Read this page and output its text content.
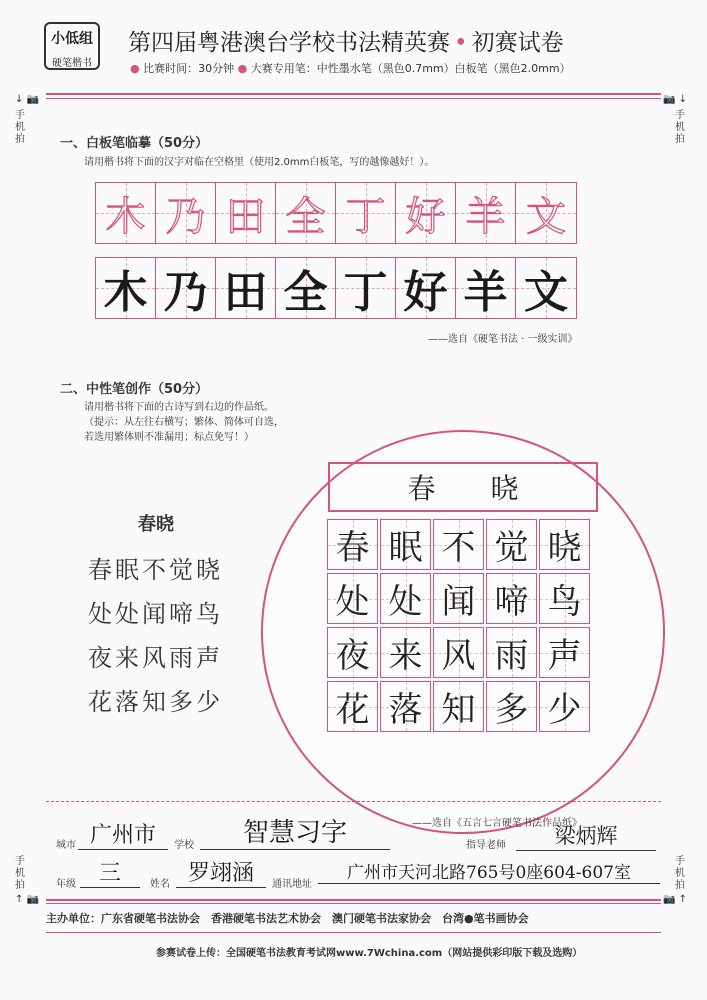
小低组
硬笔楷书
第四届粤港澳台学校书法精英赛 • 初赛试卷
● 比赛时间：30分钟 ● 大赛专用笔：中性墨水笔（黑色0.7mm）白板笔（黑色2.0mm）
↓ 📷
手
机
拍
📷 ↓
手
机
拍
一、白板笔临摹（50分）
请用楷书将下面的汉字对临在空格里（使用2.0mm白板笔，写的越像越好！）。
木 乃 田 全 丁 好 羊 文
木 乃 田 全 丁 好 羊 文
——选自《硬笔书法 · 一级实训》
二、中性笔创作（50分）
请用楷书将下面的古诗写到右边的作品纸。
（提示：从左往右横写；繁体、简体可自选，
若选用繁体则不准漏用；标点免写！）
春晓
春眠不觉晓
处处闻啼鸟
夜来风雨声
花落知多少
春 晓
春 眠 不 觉 晓
处 处 闻 啼 鸟
夜 来 风 雨 声
花 落 知 多 少
——选自《五言七言硬笔书法作品纸》
城市 广州市	学校	智慧习字	指导老师	梁炳辉
年级	三	姓名 罗翊涵	通讯地址
广州市天河北路765号0座604-607室
手
机
拍
↑ 📷
手
机
拍
📷 ↑
主办单位：广东省硬笔书法协会　香港硬笔书法艺术协会　澳门硬笔书法家协会　台湾●笔书画协会
参赛试卷上传：全国硬笔书法教育考试网www.7Wchina.com（网站提供彩印版下载及选购）
